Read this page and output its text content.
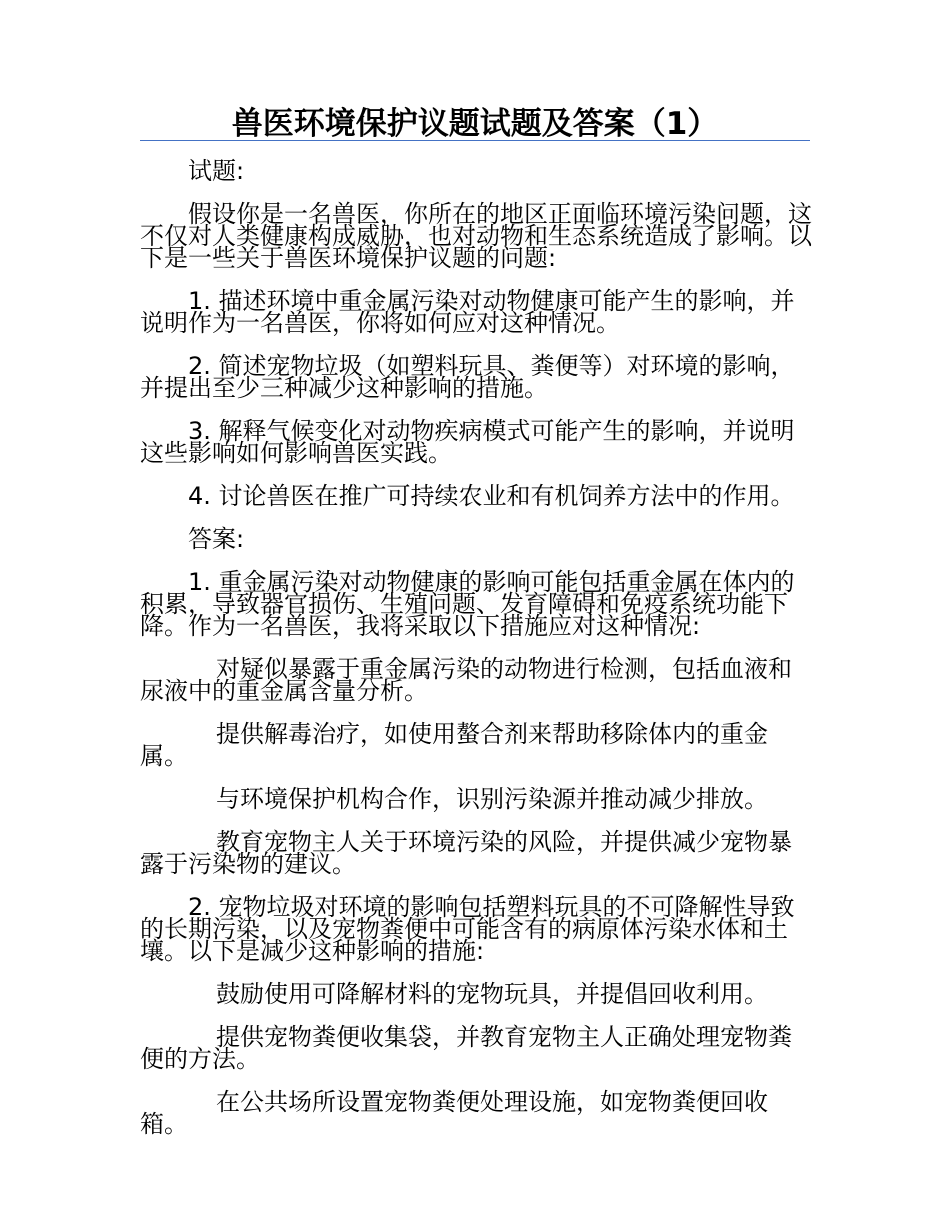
兽医环境保护议题试题及答案（1）

试题:

假设你是一名兽医，你所在的地区正面临环境污染问题，这不仅对人类健康构成威胁，也对动物和生态系统造成了影响。以下是一些关于兽医环境保护议题的问题:

1. 描述环境中重金属污染对动物健康可能产生的影响，并说明作为一名兽医，你将如何应对这种情况。

2. 简述宠物垃圾（如塑料玩具、粪便等）对环境的影响，并提出至少三种减少这种影响的措施。

3. 解释气候变化对动物疾病模式可能产生的影响，并说明这些影响如何影响兽医实践。

4. 讨论兽医在推广可持续农业和有机饲养方法中的作用。

答案:

1. 重金属污染对动物健康的影响可能包括重金属在体内的积累，导致器官损伤、生殖问题、发育障碍和免疫系统功能下降。作为一名兽医，我将采取以下措施应对这种情况:

对疑似暴露于重金属污染的动物进行检测，包括血液和尿液中的重金属含量分析。

提供解毒治疗，如使用螯合剂来帮助移除体内的重金属。

与环境保护机构合作，识别污染源并推动减少排放。

教育宠物主人关于环境污染的风险，并提供减少宠物暴露于污染物的建议。

2. 宠物垃圾对环境的影响包括塑料玩具的不可降解性导致的长期污染，以及宠物粪便中可能含有的病原体污染水体和土壤。以下是减少这种影响的措施:

鼓励使用可降解材料的宠物玩具，并提倡回收利用。

提供宠物粪便收集袋，并教育宠物主人正确处理宠物粪便的方法。

在公共场所设置宠物粪便处理设施，如宠物粪便回收箱。
